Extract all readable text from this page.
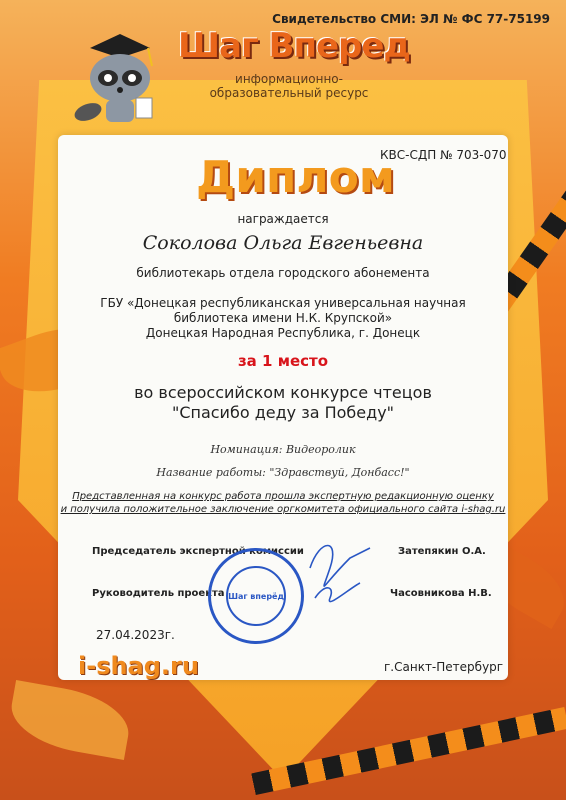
Свидетельство СМИ: ЭЛ № ФС 77-75199
Шаг Вперед
информационно-образовательный ресурс
Диплом
КВС-СДП № 703-070
награждается
Соколова Ольга Евгеньевна
библиотекарь отдела городского абонемента
ГБУ «Донецкая республиканская универсальная научная
библиотека имени Н.К. Крупской»
Донецкая Народная Республика, г. Донецк
за 1 место
во всероссийском конкурсе чтецов
"Спасибо деду за Победу"
Номинация: Видеоролик
Название работы: "Здравствуй, Донбасс!"
Представленная на конкурс работа прошла экспертную редакционную оценку
и получила положительное заключение оргкомитета официального сайта i-shag.ru
Председатель экспертной комиссии	Затепякин О.А.
Руководитель проекта	Часовникова Н.В.
Шаг вперёд
27.04.2023г.
i-shag.ru	г.Санкт-Петербург
